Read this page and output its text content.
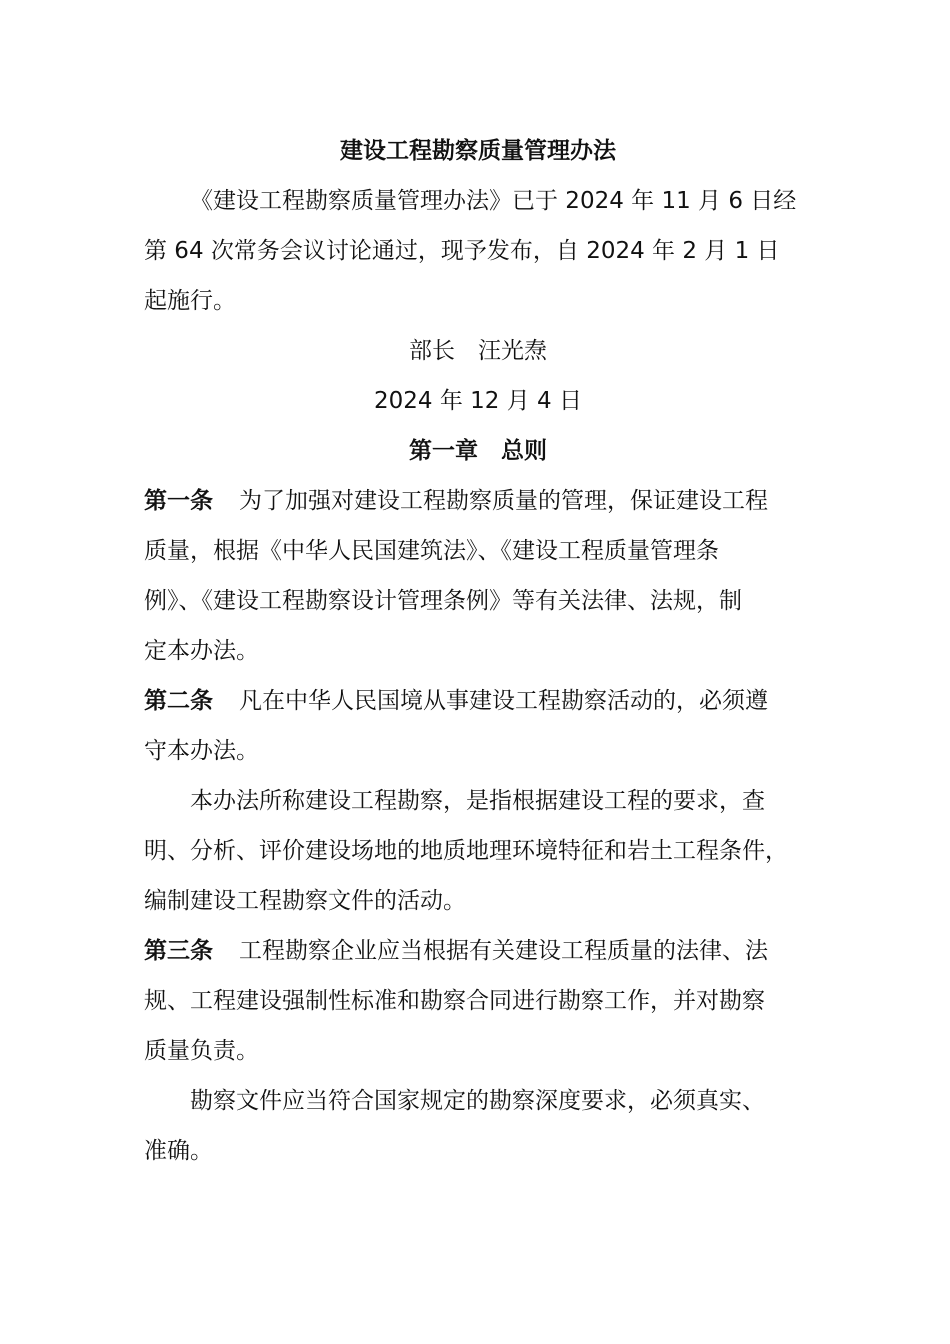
建设工程勘察质量管理办法
《建设工程勘察质量管理办法》已于 2024 年 11 月 6 日经
第 64 次常务会议讨论通过，现予发布，自 2024 年 2 月 1 日
起施行。
部长　汪光焘
2024 年 12 月 4 日
第一章　总则
第一条 为了加强对建设工程勘察质量的管理，保证建设工程
质量，根据《中华人民国建筑法》、《建设工程质量管理条
例》、《建设工程勘察设计管理条例》等有关法律、法规，制
定本办法。
第二条 凡在中华人民国境从事建设工程勘察活动的，必须遵
守本办法。
本办法所称建设工程勘察，是指根据建设工程的要求，查
明、分析、评价建设场地的地质地理环境特征和岩土工程条件，
编制建设工程勘察文件的活动。
第三条 工程勘察企业应当根据有关建设工程质量的法律、法
规、工程建设强制性标准和勘察合同进行勘察工作，并对勘察
质量负责。
勘察文件应当符合国家规定的勘察深度要求，必须真实、
准确。
